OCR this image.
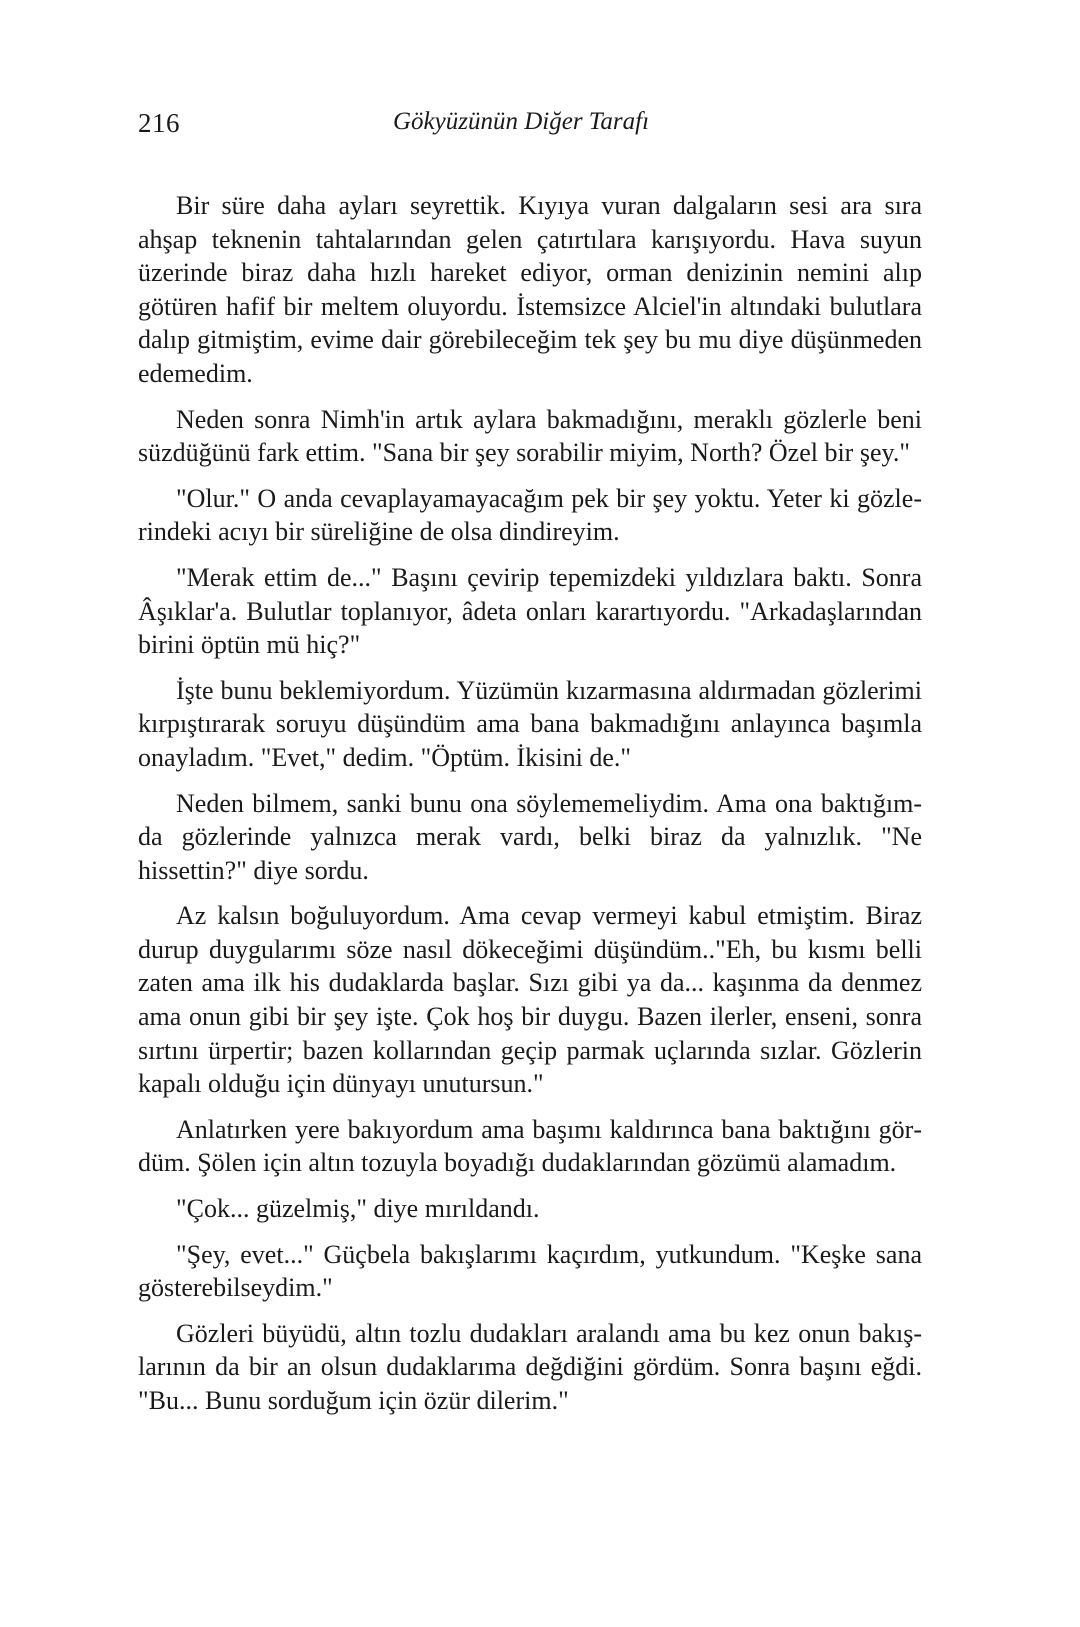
216	Gökyüzünün Diğer Tarafı

Bir süre daha ayları seyrettik. Kıyıya vuran dalgaların sesi ara sıra ahşap teknenin tahtalarından gelen çatırtılara karışıyordu. Hava suyun üzerinde biraz daha hızlı hareket ediyor, orman denizinin nemini alıp götüren hafif bir meltem oluyordu. İstemsizce Alciel'in altındaki bulutlara dalıp gitmiştim, evime dair görebileceğim tek şey bu mu diye düşünmeden edemedim.

Neden sonra Nimh'in artık aylara bakmadığını, meraklı gözlerle beni süzdüğünü fark ettim. "Sana bir şey sorabilir miyim, North? Özel bir şey."

"Olur." O anda cevaplayamayacağım pek bir şey yoktu. Yeter ki gözlerindeki acıyı bir süreliğine de olsa dindireyim.

"Merak ettim de..." Başını çevirip tepemizdeki yıldızlara baktı. Sonra Âşıklar'a. Bulutlar toplanıyor, âdeta onları karartıyordu. "Arkadaşlarından birini öptün mü hiç?"

İşte bunu beklemiyordum. Yüzümün kızarmasına aldırmadan gözlerimi kırpıştırarak soruyu düşündüm ama bana bakmadığını anlayınca başımla onayladım. "Evet," dedim. "Öptüm. İkisini de."

Neden bilmem, sanki bunu ona söylememeliydim. Ama ona baktığımda gözlerinde yalnızca merak vardı, belki biraz da yalnızlık. "Ne hissettin?" diye sordu.

Az kalsın boğuluyordum. Ama cevap vermeyi kabul etmiştim. Biraz durup duygularımı söze nasıl dökeceğimi düşündüm.."Eh, bu kısmı belli zaten ama ilk his dudaklarda başlar. Sızı gibi ya da... kaşınma da denmez ama onun gibi bir şey işte. Çok hoş bir duygu. Bazen ilerler, enseni, sonra sırtını ürpertir; bazen kollarından geçip parmak uçlarında sızlar. Gözlerin kapalı olduğu için dünyayı unutursun."

Anlatırken yere bakıyordum ama başımı kaldırınca bana baktığını gördüm. Şölen için altın tozuyla boyadığı dudaklarından gözümü alamadım.

"Çok... güzelmiş," diye mırıldandı.

"Şey, evet..." Güçbela bakışlarımı kaçırdım, yutkundum. "Keşke sana gösterebilseydim."

Gözleri büyüdü, altın tozlu dudakları aralandı ama bu kez onun bakışlarının da bir an olsun dudaklarıma değdiğini gördüm. Sonra başını eğdi. "Bu... Bunu sorduğum için özür dilerim."
